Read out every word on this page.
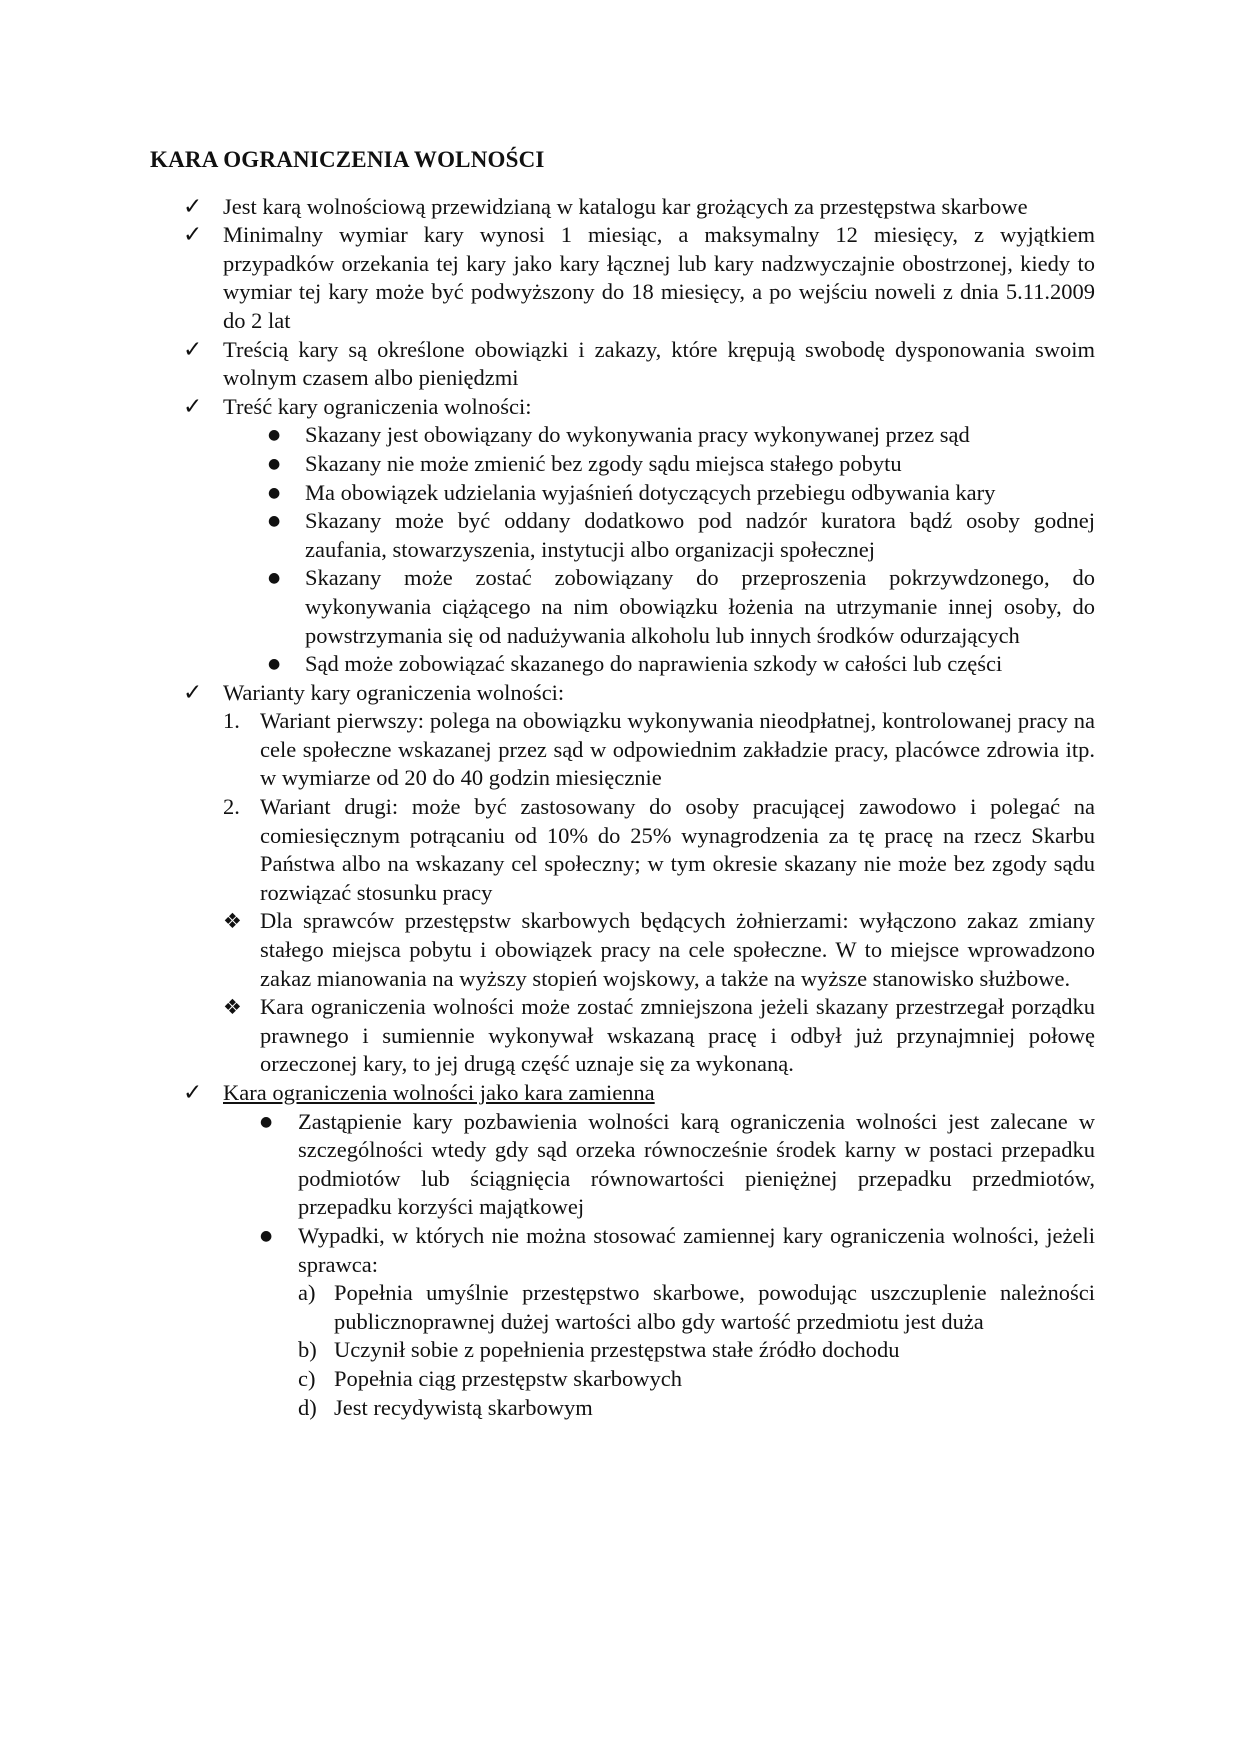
KARA OGRANICZENIA WOLNOŚCI
✓ Jest karą wolnościową przewidzianą w katalogu kar grożących za przestępstwa skarbowe
✓ Minimalny wymiar kary wynosi 1 miesiąc, a maksymalny 12 miesięcy, z wyjątkiem przypadków orzekania tej kary jako kary łącznej lub kary nadzwyczajnie obostrzonej, kiedy to wymiar tej kary może być podwyższony do 18 miesięcy, a po wejściu noweli z dnia 5.11.2009 do 2 lat
✓ Treścią kary są określone obowiązki i zakazy, które krępują swobodę dysponowania swoim wolnym czasem albo pieniędzmi
✓ Treść kary ograniczenia wolności:
● Skazany jest obowiązany do wykonywania pracy wykonywanej przez sąd
● Skazany nie może zmienić bez zgody sądu miejsca stałego pobytu
● Ma obowiązek udzielania wyjaśnień dotyczących przebiegu odbywania kary
● Skazany może być oddany dodatkowo pod nadzór kuratora bądź osoby godnej zaufania, stowarzyszenia, instytucji albo organizacji społecznej
● Skazany może zostać zobowiązany do przeproszenia pokrzywdzonego, do wykonywania ciążącego na nim obowiązku łożenia na utrzymanie innej osoby, do powstrzymania się od nadużywania alkoholu lub innych środków odurzających
● Sąd może zobowiązać skazanego do naprawienia szkody w całości lub części
✓ Warianty kary ograniczenia wolności:
1. Wariant pierwszy: polega na obowiązku wykonywania nieodpłatnej, kontrolowanej pracy na cele społeczne wskazanej przez sąd w odpowiednim zakładzie pracy, placówce zdrowia itp. w wymiarze od 20 do 40 godzin miesięcznie
2. Wariant drugi: może być zastosowany do osoby pracującej zawodowo i polegać na comiesięcznym potrącaniu od 10% do 25% wynagrodzenia za tę pracę na rzecz Skarbu Państwa albo na wskazany cel społeczny; w tym okresie skazany nie może bez zgody sądu rozwiązać stosunku pracy
❖ Dla sprawców przestępstw skarbowych będących żołnierzami: wyłączono zakaz zmiany stałego miejsca pobytu i obowiązek pracy na cele społeczne. W to miejsce wprowadzono zakaz mianowania na wyższy stopień wojskowy, a także na wyższe stanowisko służbowe.
❖ Kara ograniczenia wolności może zostać zmniejszona jeżeli skazany przestrzegał porządku prawnego i sumiennie wykonywał wskazaną pracę i odbył już przynajmniej połowę orzeczonej kary, to jej drugą część uznaje się za wykonaną.
✓ Kara ograniczenia wolności jako kara zamienna
● Zastąpienie kary pozbawienia wolności karą ograniczenia wolności jest zalecane w szczególności wtedy gdy sąd orzeka równocześnie środek karny w postaci przepadku podmiotów lub ściągnięcia równowartości pieniężnej przepadku przedmiotów, przepadku korzyści majątkowej
● Wypadki, w których nie można stosować zamiennej kary ograniczenia wolności, jeżeli sprawca:
a) Popełnia umyślnie przestępstwo skarbowe, powodując uszczuplenie należności publicznoprawnej dużej wartości albo gdy wartość przedmiotu jest duża
b) Uczynił sobie z popełnienia przestępstwa stałe źródło dochodu
c) Popełnia ciąg przestępstw skarbowych
d) Jest recydywistą skarbowym
